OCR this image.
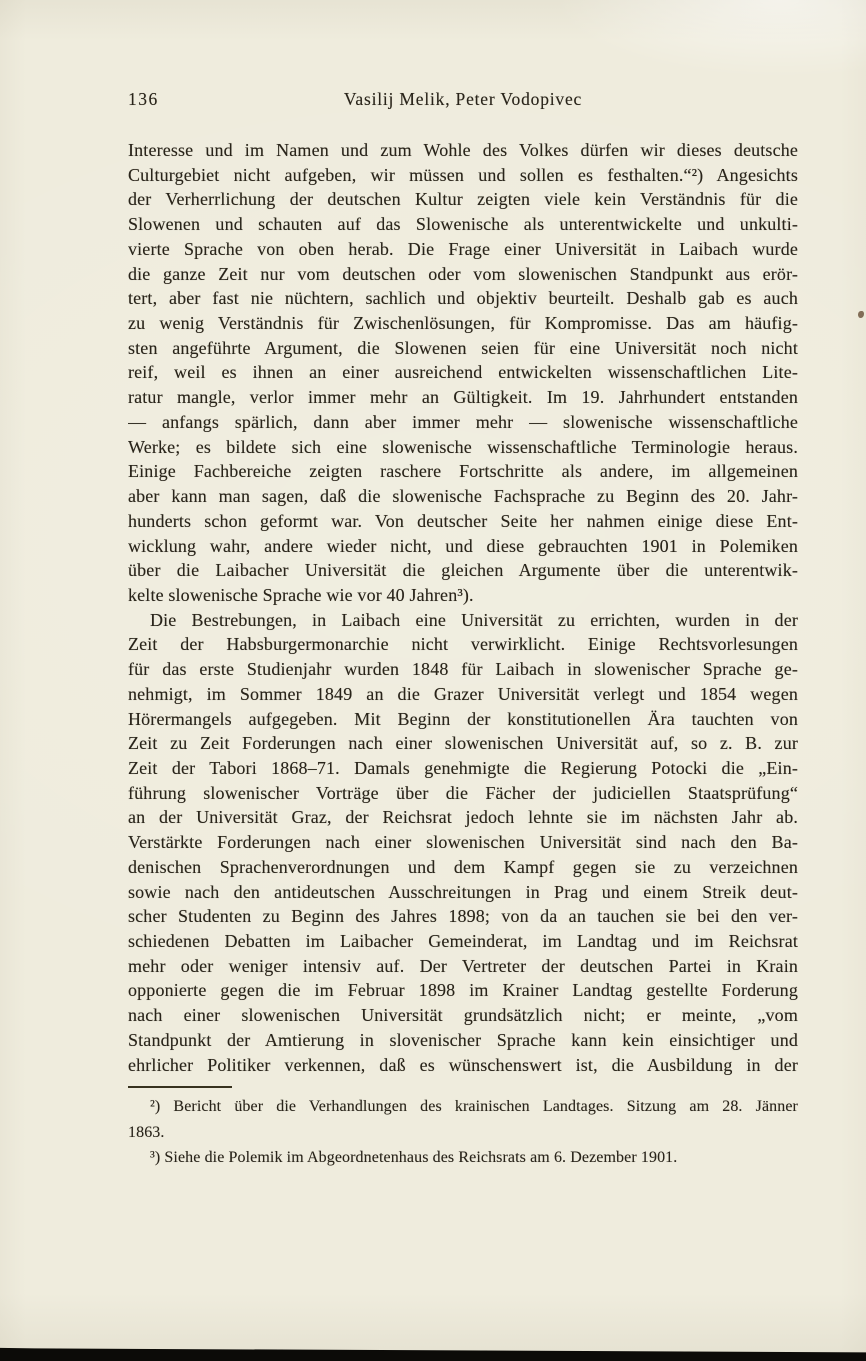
136	Vasilij Melik, Peter Vodopivec
Interesse und im Namen und zum Wohle des Volkes dürfen wir dieses deutsche
Culturgebiet nicht aufgeben, wir müssen und sollen es festhalten.“²) Angesichts
der Verherrlichung der deutschen Kultur zeigten viele kein Verständnis für die
Slowenen und schauten auf das Slowenische als unterentwickelte und unkulti-
vierte Sprache von oben herab. Die Frage einer Universität in Laibach wurde
die ganze Zeit nur vom deutschen oder vom slowenischen Standpunkt aus erör-
tert, aber fast nie nüchtern, sachlich und objektiv beurteilt. Deshalb gab es auch
zu wenig Verständnis für Zwischenlösungen, für Kompromisse. Das am häufig-
sten angeführte Argument, die Slowenen seien für eine Universität noch nicht
reif, weil es ihnen an einer ausreichend entwickelten wissenschaftlichen Lite-
ratur mangle, verlor immer mehr an Gültigkeit. Im 19. Jahrhundert entstanden
— anfangs spärlich, dann aber immer mehr — slowenische wissenschaftliche
Werke; es bildete sich eine slowenische wissenschaftliche Terminologie heraus.
Einige Fachbereiche zeigten raschere Fortschritte als andere, im allgemeinen
aber kann man sagen, daß die slowenische Fachsprache zu Beginn des 20. Jahr-
hunderts schon geformt war. Von deutscher Seite her nahmen einige diese Ent-
wicklung wahr, andere wieder nicht, und diese gebrauchten 1901 in Polemiken
über die Laibacher Universität die gleichen Argumente über die unterentwik-
kelte slowenische Sprache wie vor 40 Jahren³).
Die Bestrebungen, in Laibach eine Universität zu errichten, wurden in der
Zeit der Habsburgermonarchie nicht verwirklicht. Einige Rechtsvorlesungen
für das erste Studienjahr wurden 1848 für Laibach in slowenischer Sprache ge-
nehmigt, im Sommer 1849 an die Grazer Universität verlegt und 1854 wegen
Hörermangels aufgegeben. Mit Beginn der konstitutionellen Ära tauchten von
Zeit zu Zeit Forderungen nach einer slowenischen Universität auf, so z. B. zur
Zeit der Tabori 1868–71. Damals genehmigte die Regierung Potocki die „Ein-
führung slowenischer Vorträge über die Fächer der judiciellen Staatsprüfung“
an der Universität Graz, der Reichsrat jedoch lehnte sie im nächsten Jahr ab.
Verstärkte Forderungen nach einer slowenischen Universität sind nach den Ba-
denischen Sprachenverordnungen und dem Kampf gegen sie zu verzeichnen
sowie nach den antideutschen Ausschreitungen in Prag und einem Streik deut-
scher Studenten zu Beginn des Jahres 1898; von da an tauchen sie bei den ver-
schiedenen Debatten im Laibacher Gemeinderat, im Landtag und im Reichsrat
mehr oder weniger intensiv auf. Der Vertreter der deutschen Partei in Krain
opponierte gegen die im Februar 1898 im Krainer Landtag gestellte Forderung
nach einer slowenischen Universität grundsätzlich nicht; er meinte, „vom
Standpunkt der Amtierung in slovenischer Sprache kann kein einsichtiger und
ehrlicher Politiker verkennen, daß es wünschenswert ist, die Ausbildung in der
²) Bericht über die Verhandlungen des krainischen Landtages. Sitzung am 28. Jänner
1863.
³) Siehe die Polemik im Abgeordnetenhaus des Reichsrats am 6. Dezember 1901.
